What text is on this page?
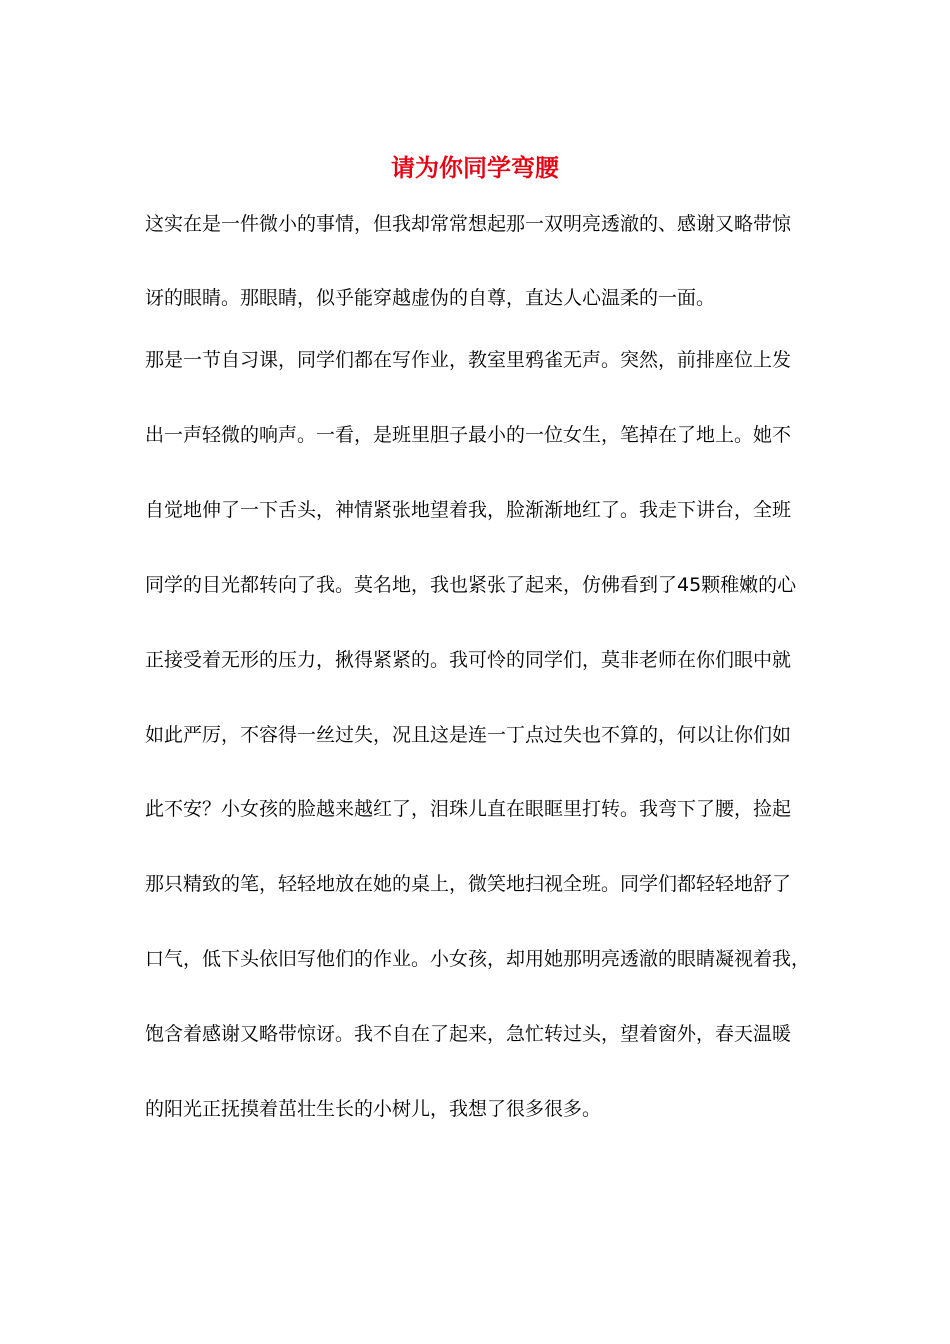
请为你同学弯腰

这实在是一件微小的事情，但我却常常想起那一双明亮透澈的、感谢又略带惊

讶的眼睛。那眼睛，似乎能穿越虚伪的自尊，直达人心温柔的一面。

那是一节自习课，同学们都在写作业，教室里鸦雀无声。突然，前排座位上发

出一声轻微的响声。一看，是班里胆子最小的一位女生，笔掉在了地上。她不

自觉地伸了一下舌头，神情紧张地望着我，脸渐渐地红了。我走下讲台，全班

同学的目光都转向了我。莫名地，我也紧张了起来，仿佛看到了45颗稚嫩的心

正接受着无形的压力，揪得紧紧的。我可怜的同学们，莫非老师在你们眼中就

如此严厉，不容得一丝过失，况且这是连一丁点过失也不算的，何以让你们如

此不安？小女孩的脸越来越红了，泪珠儿直在眼眶里打转。我弯下了腰，捡起

那只精致的笔，轻轻地放在她的桌上，微笑地扫视全班。同学们都轻轻地舒了

口气，低下头依旧写他们的作业。小女孩，却用她那明亮透澈的眼睛凝视着我，

饱含着感谢又略带惊讶。我不自在了起来，急忙转过头，望着窗外，春天温暖

的阳光正抚摸着茁壮生长的小树儿，我想了很多很多。
